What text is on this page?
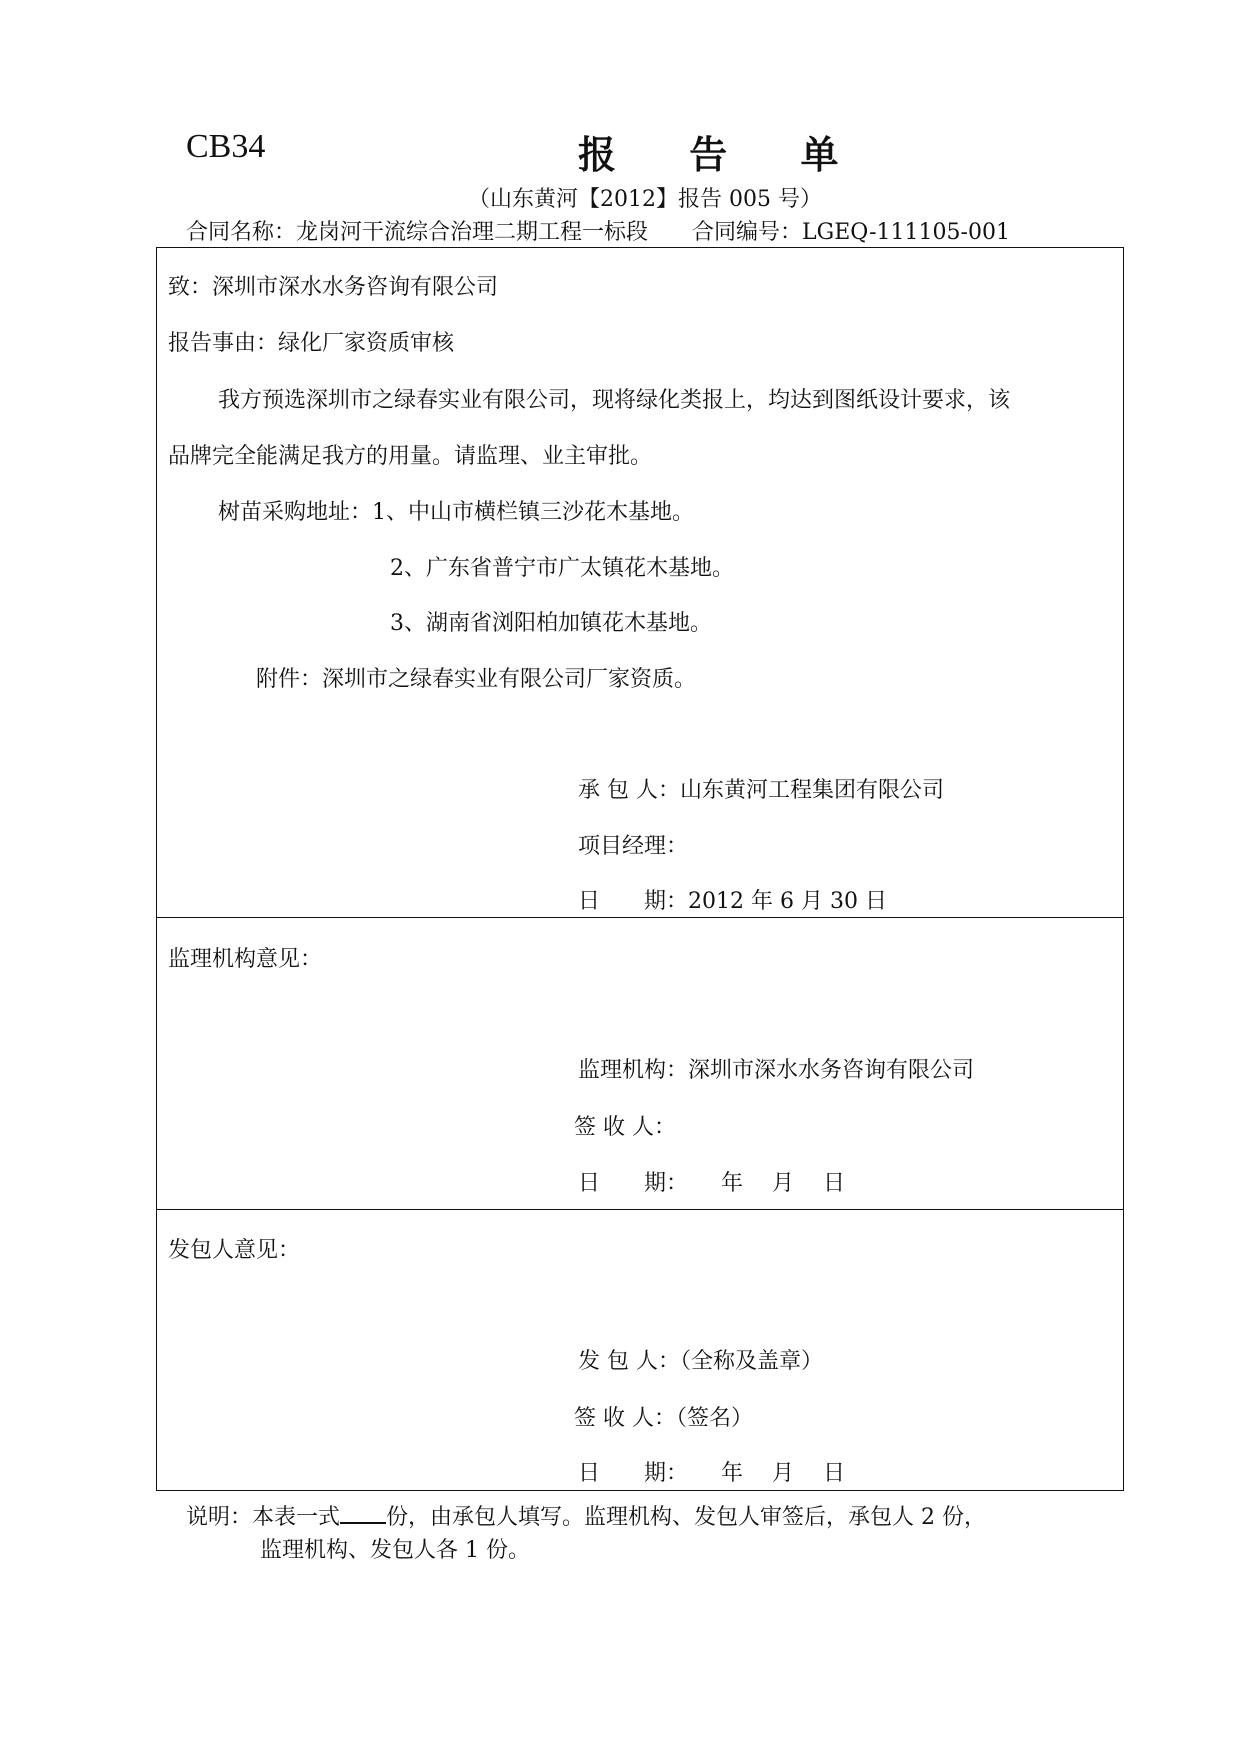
CB34	报 告 单
（山东黄河【2012】报告 005 号）
合同名称：龙岗河干流综合治理二期工程一标段 合同编号：LGEQ-111105-001
致：深圳市深水水务咨询有限公司
报告事由：绿化厂家资质审核
我方预选深圳市之绿春实业有限公司，现将绿化类报上，均达到图纸设计要求，该
品牌完全能满足我方的用量。请监理、业主审批。
树苗采购地址：1、中山市横栏镇三沙花木基地。
2、广东省普宁市广太镇花木基地。
3、湖南省浏阳柏加镇花木基地。
附件：深圳市之绿春实业有限公司厂家资质。
承 包 人：山东黄河工程集团有限公司
项目经理：
日　　期：2012 年 6 月 30 日
监理机构意见：
监理机构：深圳市深水水务咨询有限公司
签 收 人：
日　　期：　　年　 月　 日
发包人意见：
发 包 人：（全称及盖章）
签 收 人：（签名）
日　　期：　　年　 月　 日
说明：本表一式 份，由承包人填写。监理机构、发包人审签后，承包人 2 份，
监理机构、发包人各 1 份。
